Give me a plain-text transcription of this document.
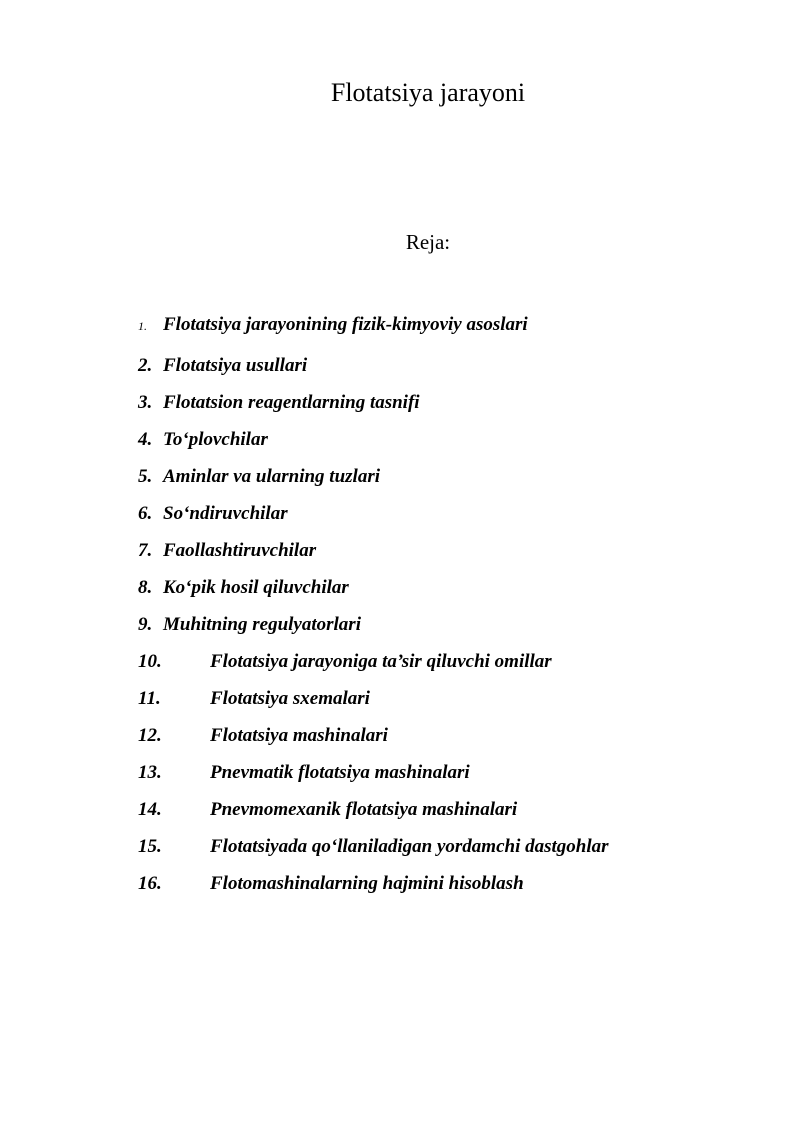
Flotatsiya jarayoni
Reja:
1. Flotatsiya jarayonining fizik-kimyoviy asoslari
2. Flotatsiya usullari
3. Flotatsion reagentlarning tasnifi
4. To‘plovchilar
5. Aminlar va ularning tuzlari
6. So‘ndiruvchilar
7. Faollashtiruvchilar
8. Ko‘pik hosil qiluvchilar
9. Muhitning regulyatorlari
10.	Flotatsiya jarayoniga ta’sir qiluvchi omillar
11.	Flotatsiya sxemalari
12.	Flotatsiya mashinalari
13.	Pnevmatik flotatsiya mashinalari
14.	Pnevmomexanik flotatsiya mashinalari
15.	Flotatsiyada qo‘llaniladigan yordamchi dastgohlar
16.	Flotomashinalarning hajmini hisoblash
